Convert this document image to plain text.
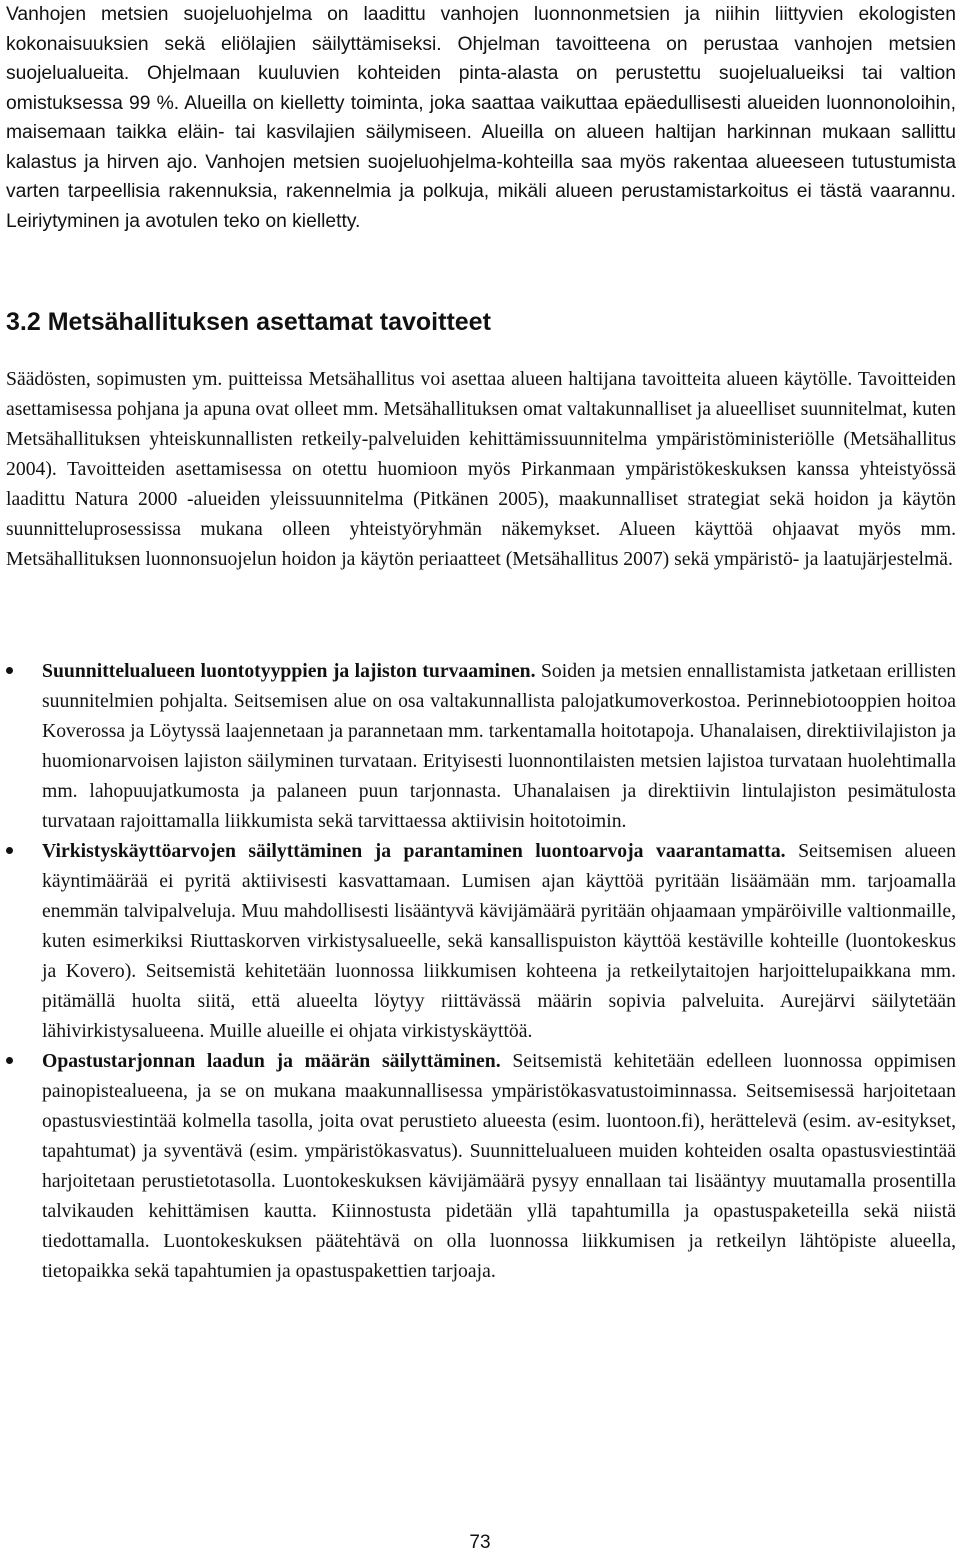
Vanhojen metsien suojeluohjelma on laadittu vanhojen luonnonmetsien ja niihin liittyvien ekologisten kokonaisuuksien sekä eliölajien säilyttämiseksi. Ohjelman tavoitteena on perustaa vanhojen metsien suojelualueita. Ohjelmaan kuuluvien kohteiden pinta-alasta on perustettu suojelualueiksi tai valtion omistuksessa 99 %. Alueilla on kielletty toiminta, joka saattaa vaikuttaa epäedullisesti alueiden luonnonoloihin, maisemaan taikka eläin- tai kasvilajien säilymiseen. Alueilla on alueen haltijan harkinnan mukaan sallittu kalastus ja hirven ajo. Vanhojen metsien suojeluohjelma-kohteilla saa myös rakentaa alueeseen tutustumista varten tarpeellisia rakennuksia, rakennelmia ja polkuja, mikäli alueen perustamistarkoitus ei tästä vaarannu. Leiriytyminen ja avotulen teko on kielletty.

3.2 Metsähallituksen asettamat tavoitteet

Säädösten, sopimusten ym. puitteissa Metsähallitus voi asettaa alueen haltijana tavoitteita alueen käytölle. Tavoitteiden asettamisessa pohjana ja apuna ovat olleet mm. Metsähallituksen omat valtakunnalliset ja alueelliset suunnitelmat, kuten Metsähallituksen yhteiskunnallisten retkeily-palveluiden kehittämissuunnitelma ympäristöministeriölle (Metsähallitus 2004). Tavoitteiden asettamisessa on otettu huomioon myös Pirkanmaan ympäristökeskuksen kanssa yhteistyössä laadittu Natura 2000 -alueiden yleissuunnitelma (Pitkänen 2005), maakunnalliset strategiat sekä hoidon ja käytön suunnitteluprosessissa mukana olleen yhteistyöryhmän näkemykset. Alueen käyttöä ohjaavat myös mm. Metsähallituksen luonnonsuojelun hoidon ja käytön periaatteet (Metsähallitus 2007) sekä ympäristö- ja laatujärjestelmä.

Suunnittelualueen luontotyyppien ja lajiston turvaaminen. Soiden ja metsien ennallistamista jatketaan erillisten suunnitelmien pohjalta. Seitsemisen alue on osa valtakunnallista palojatkumoverkostoa. Perinnebiotooppien hoitoa Koverossa ja Löytyssä laajennetaan ja parannetaan mm. tarkentamalla hoitotapoja. Uhanalaisen, direktiivilajiston ja huomionarvoisen lajiston säilyminen turvataan. Erityisesti luonnontilaisten metsien lajistoa turvataan huolehtimalla mm. lahopuujatkumosta ja palaneen puun tarjonnasta. Uhanalaisen ja direktiivin lintulajiston pesimätulosta turvataan rajoittamalla liikkumista sekä tarvittaessa aktiivisin hoitotoimin.
Virkistyskäyttöarvojen säilyttäminen ja parantaminen luontoarvoja vaarantamatta. Seitsemisen alueen käyntimäärää ei pyritä aktiivisesti kasvattamaan. Lumisen ajan käyttöä pyritään lisäämään mm. tarjoamalla enemmän talvipalveluja. Muu mahdollisesti lisääntyvä kävijämäärä pyritään ohjaamaan ympäröiville valtionmaille, kuten esimerkiksi Riuttaskorven virkistysalueelle, sekä kansallispuiston käyttöä kestäville kohteille (luontokeskus ja Kovero). Seitsemistä kehitetään luonnossa liikkumisen kohteena ja retkeilytaitojen harjoittelupaikkana mm. pitämällä huolta siitä, että alueelta löytyy riittävässä määrin sopivia palveluita. Aurejärvi säilytetään lähivirkistysalueena. Muille alueille ei ohjata virkistyskäyttöä.
Opastustarjonnan laadun ja määrän säilyttäminen. Seitsemistä kehitetään edelleen luonnossa oppimisen painopistealueena, ja se on mukana maakunnallisessa ympäristökasvatustoiminnassa. Seitsemisessä harjoitetaan opastusviestintää kolmella tasolla, joita ovat perustieto alueesta (esim. luontoon.fi), herättelevä (esim. av-esitykset, tapahtumat) ja syventävä (esim. ympäristökasvatus). Suunnittelualueen muiden kohteiden osalta opastusviestintää harjoitetaan perustietotasolla. Luontokeskuksen kävijämäärä pysyy ennallaan tai lisääntyy muutamalla prosentilla talvikauden kehittämisen kautta. Kiinnostusta pidetään yllä tapahtumilla ja opastuspaketeilla sekä niistä tiedottamalla. Luontokeskuksen päätehtävä on olla luonnossa liikkumisen ja retkeilyn lähtöpiste alueella, tietopaikka sekä tapahtumien ja opastuspakettien tarjoaja.

73
